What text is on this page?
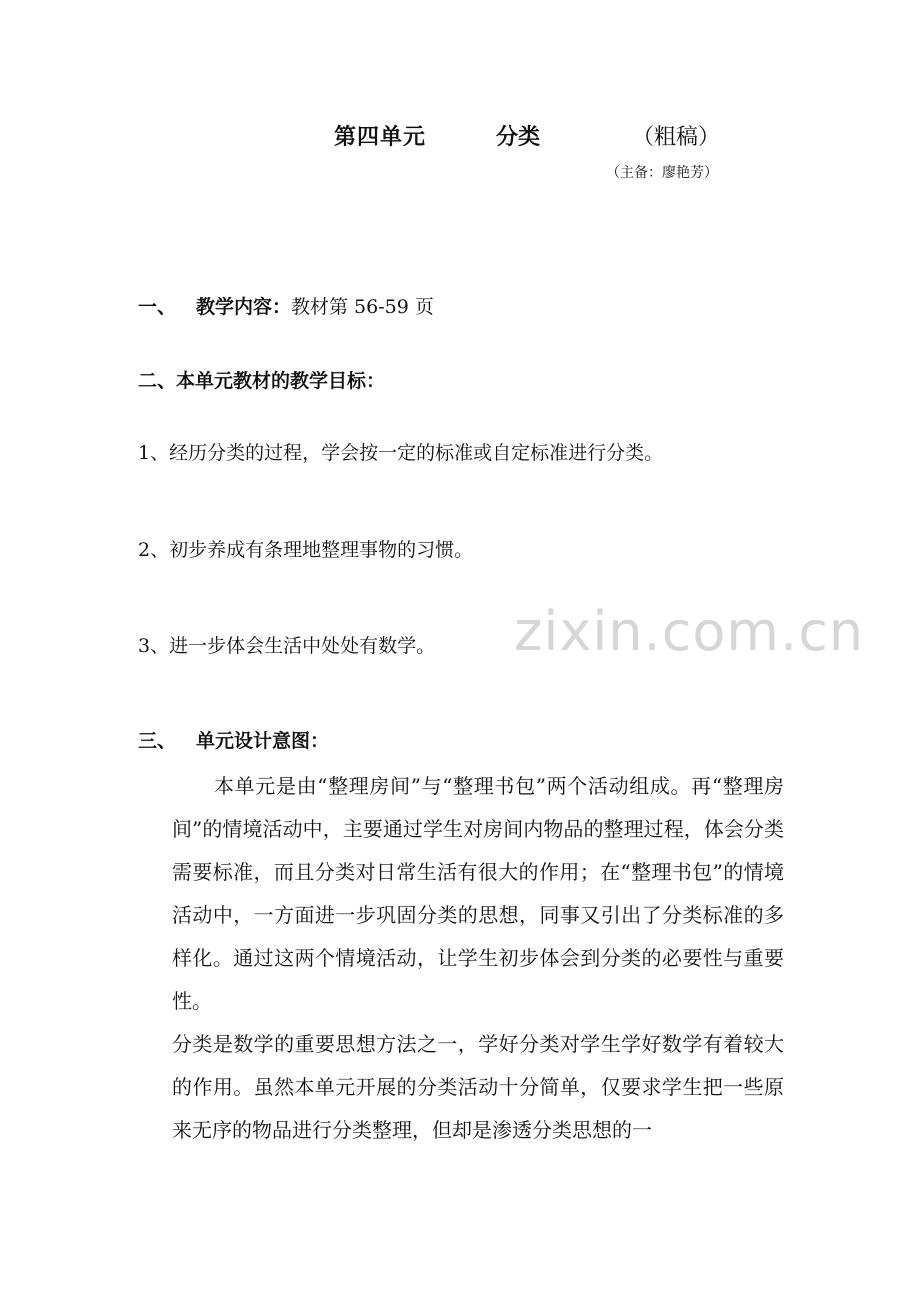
第四单元	分类	（粗稿）
（主备：廖艳芳）
一、 教学内容：教材第 56-59 页
二、本单元教材的教学目标：
1、经历分类的过程，学会按一定的标准或自定标准进行分类。
2、初步养成有条理地整理事物的习惯。
3、进一步体会生活中处处有数学。
三、 单元设计意图：

本单元是由“整理房间”与“整理书包”两个活动组成。再“整理房间”的情境活动中，主要通过学生对房间内物品的整理过程，体会分类需要标准，而且分类对日常生活有很大的作用；在“整理书包”的情境活动中，一方面进一步巩固分类的思想，同事又引出了分类标准的多样化。通过这两个情境活动，让学生初步体会到分类的必要性与重要性。

分类是数学的重要思想方法之一，学好分类对学生学好数学有着较大的作用。虽然本单元开展的分类活动十分简单，仅要求学生把一些原来无序的物品进行分类整理，但却是渗透分类思想的一

zixin.com.cn
